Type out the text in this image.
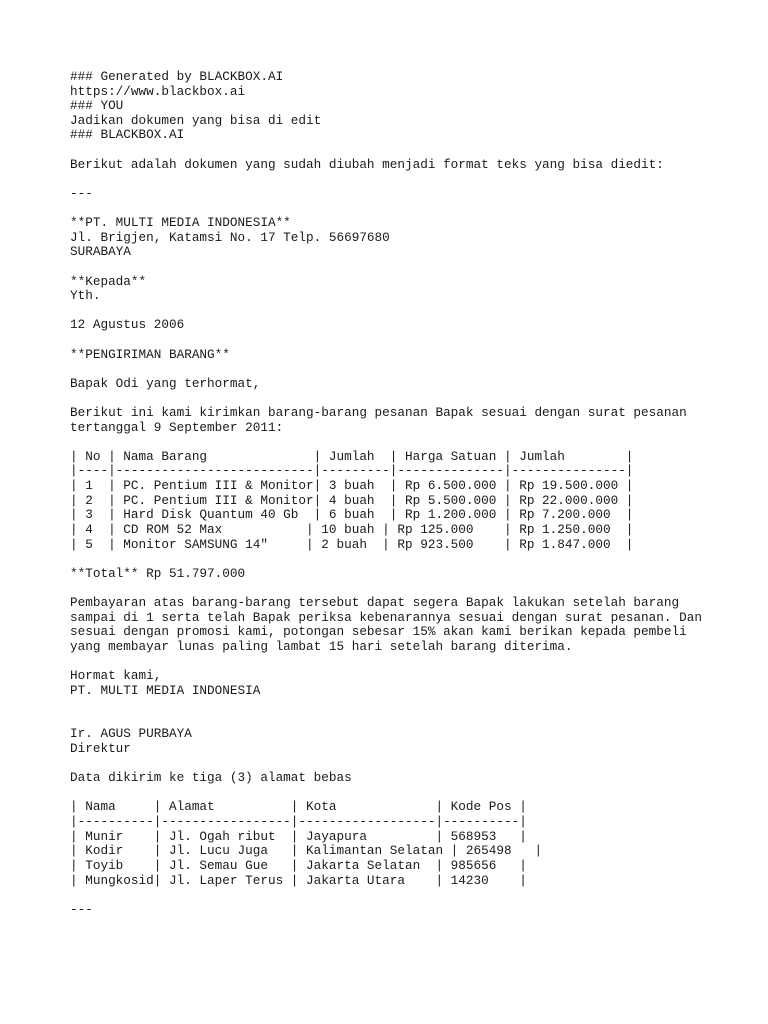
### Generated by BLACKBOX.AI
https://www.blackbox.ai
### YOU
Jadikan dokumen yang bisa di edit
### BLACKBOX.AI
Berikut adalah dokumen yang sudah diubah menjadi format teks yang bisa diedit:
---
**PT. MULTI MEDIA INDONESIA**
Jl. Brigjen, Katamsi No. 17 Telp. 56697680
SURABAYA
**Kepada**
Yth.
12 Agustus 2006
**PENGIRIMAN BARANG**
Bapak Odi yang terhormat,
Berikut ini kami kirimkan barang-barang pesanan Bapak sesuai dengan surat pesanan
tertanggal 9 September 2011:
| No | Nama Barang              | Jumlah  | Harga Satuan | Jumlah        |
|----|--------------------------|---------|--------------|---------------|
| 1  | PC. Pentium III & Monitor| 3 buah  | Rp 6.500.000 | Rp 19.500.000 |
| 2  | PC. Pentium III & Monitor| 4 buah  | Rp 5.500.000 | Rp 22.000.000 |
| 3  | Hard Disk Quantum 40 Gb  | 6 buah  | Rp 1.200.000 | Rp 7.200.000  |
| 4  | CD ROM 52 Max           | 10 buah | Rp 125.000    | Rp 1.250.000  |
| 5  | Monitor SAMSUNG 14"     | 2 buah  | Rp 923.500    | Rp 1.847.000  |
**Total** Rp 51.797.000
Pembayaran atas barang-barang tersebut dapat segera Bapak lakukan setelah barang
sampai di 1 serta telah Bapak periksa kebenarannya sesuai dengan surat pesanan. Dan
sesuai dengan promosi kami, potongan sebesar 15% akan kami berikan kepada pembeli
yang membayar lunas paling lambat 15 hari setelah barang diterima.
Hormat kami,
PT. MULTI MEDIA INDONESIA
Ir. AGUS PURBAYA
Direktur
Data dikirim ke tiga (3) alamat bebas
| Nama     | Alamat          | Kota             | Kode Pos |
|----------|-----------------|------------------|----------|
| Munir    | Jl. Ogah ribut  | Jayapura         | 568953   |
| Kodir    | Jl. Lucu Juga   | Kalimantan Selatan | 265498   |
| Toyib    | Jl. Semau Gue   | Jakarta Selatan  | 985656   |
| Mungkosid| Jl. Laper Terus | Jakarta Utara    | 14230    |
---
